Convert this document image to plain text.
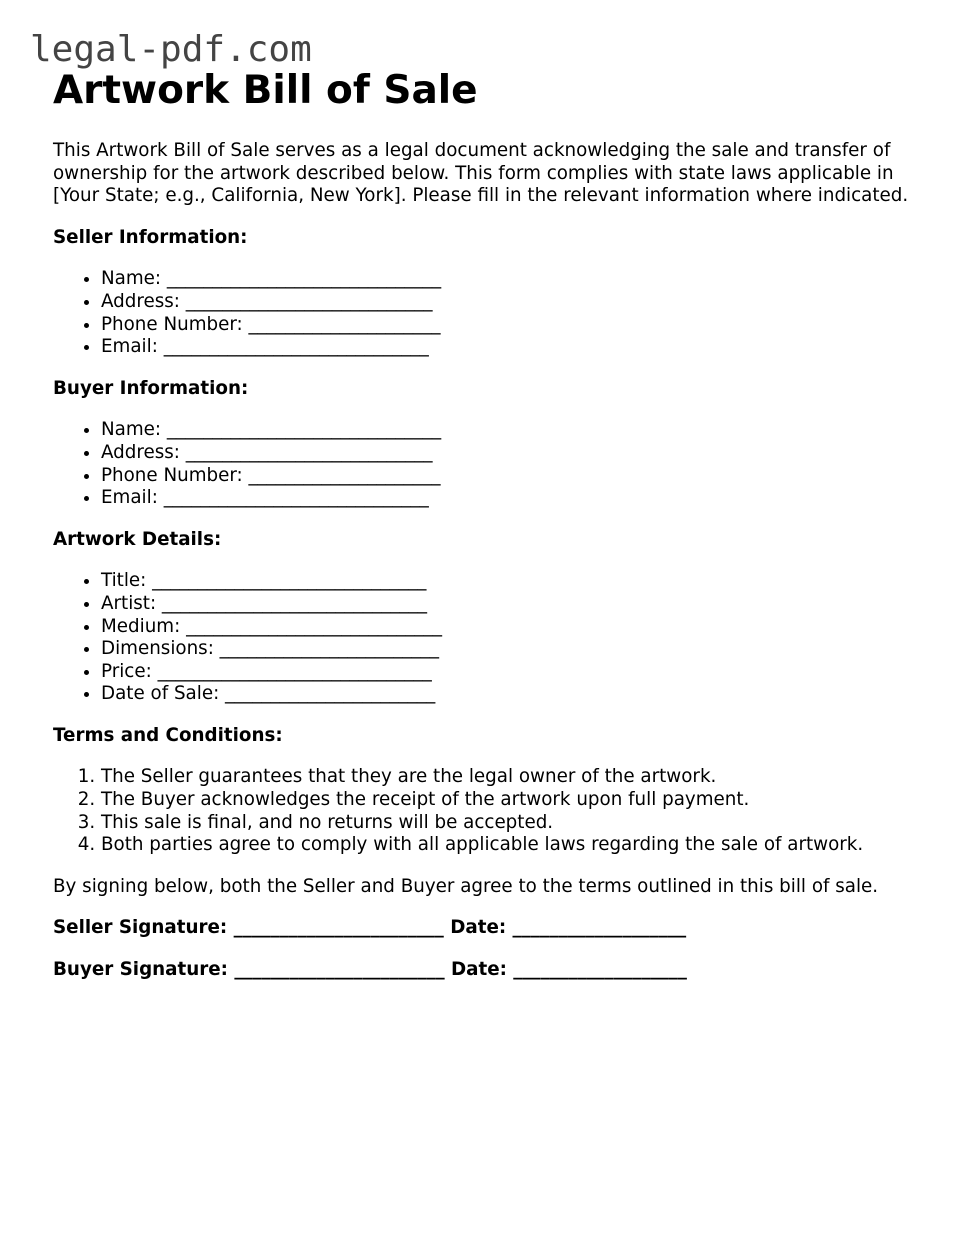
legal-pdf.com

Artwork Bill of Sale

This Artwork Bill of Sale serves as a legal document acknowledging the sale and transfer of ownership for the artwork described below. This form complies with state laws applicable in [Your State; e.g., California, New York]. Please fill in the relevant information where indicated.

Seller Information:

• Name: ______________________________
• Address: ___________________________
• Phone Number: _____________________
• Email: _____________________________

Buyer Information:

• Name: ______________________________
• Address: ___________________________
• Phone Number: _____________________
• Email: _____________________________

Artwork Details:

• Title: ______________________________
• Artist: _____________________________
• Medium: ____________________________
• Dimensions: ________________________
• Price: ______________________________
• Date of Sale: _______________________

Terms and Conditions:

1. The Seller guarantees that they are the legal owner of the artwork.
2. The Buyer acknowledges the receipt of the artwork upon full payment.
3. This sale is final, and no returns will be accepted.
4. Both parties agree to comply with all applicable laws regarding the sale of artwork.

By signing below, both the Seller and Buyer agree to the terms outlined in this bill of sale.

Seller Signature: _______________________ Date: ___________________

Buyer Signature: _______________________ Date: ___________________
